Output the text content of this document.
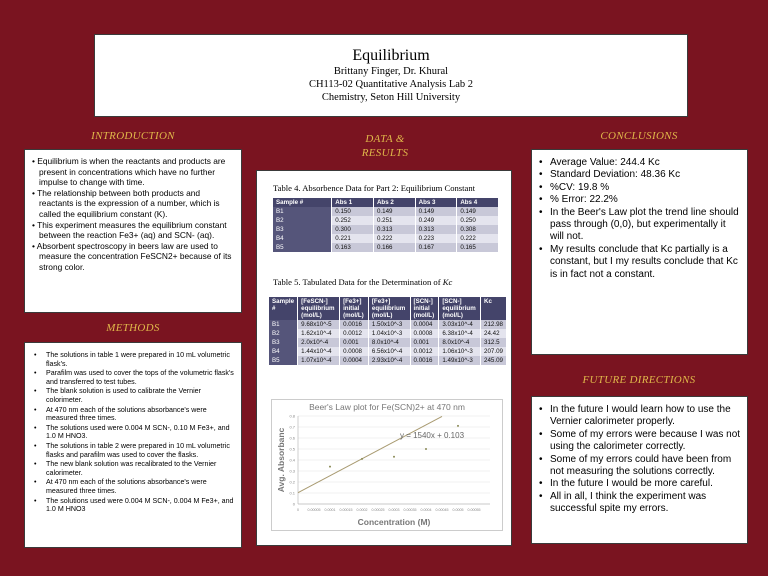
Equilibrium
Brittany Finger, Dr. Khural
CH113-02 Quantitative Analysis Lab 2
Chemistry, Seton Hill University
INTRODUCTION
METHODS
DATA &
RESULTS
CONCLUSIONS
FUTURE DIRECTIONS
• Equilibrium is when the reactants and products are present in concentrations which have no further impulse to change with time.
• The relationship between both products and reactants is the expression of a number, which is called the equilibrium constant (K).
• This experiment measures the equilibrium constant between the reaction Fe3+ (aq) and SCN- (aq).
• Absorbent spectroscopy in beers law are used to measure the concentration FeSCN2+ because of its strong color.
• The solutions in table 1 were prepared in 10 mL volumetric flask's.
• Parafilm was used to cover the tops of the volumetric flask's and transferred to test tubes.
• The blank solution is used to calibrate the Vernier colorimeter.
• At 470 nm each of the solutions absorbance's were measured three times.
• The solutions used were 0.004 M SCN-, 0.10 M Fe3+, and 1.0 M HNO3.
• The solutions in table 2 were prepared in 10 mL volumetric flasks and parafilm was used to cover the flasks.
• The new blank solution was recalibrated to the Vernier calorimeter.
• At 470 nm each of the solutions absorbance's were measured three times.
• The solutions used were 0.004 M SCN-, 0.004 M Fe3+, and 1.0 M HNO3
Table 4. Absorbence Data for Part 2: Equilibrium Constant
Sample #	Abs 1	Abs 2	Abs 3	Abs 4
B1	0.150	0.149	0.149	0.149
B2	0.252	0.251	0.249	0.250
B3	0.300	0.313	0.313	0.308
B4	0.221	0.222	0.223	0.222
B5	0.163	0.166	0.167	0.165
Table 5. Tabulated Data for the Determination of Kc
Sample #	[FeSCN-] equilibrium (mol/L)	[Fe3+] initial (mol/L)	[Fe3+] equilibrium (mol/L)	[SCN-] initial (mol/L)	[SCN-] equilibrium (mol/L)	Kc
B1	9.68x10^-5	0.0016	1.50x10^-3	0.0004	3.03x10^-4	212.98
B2	1.62x10^-4	0.0012	1.04x10^-3	0.0008	6.38x10^-4	24.42
B3	2.0x10^-4	0.001	8.0x10^-4	0.001	8.0x10^-4	312.5
B4	1.44x10^-4	0.0008	6.56x10^-4	0.0012	1.06x10^-3	207.09
B5	1.07x10^-4	0.0004	2.93x10^-4	0.0016	1.49x10^-3	245.09
Beer's Law plot for Fe(SCN)2+ at 470 nm
0
0.1
0.2
0.3
0.4
0.5
0.6
0.7
0.8
0 0.00005 0.0001 0.00015 0.0002 0.00025 0.0003 0.00035 0.0004 0.00045 0.0005 0.00055
y = 1540x + 0.103
Concentration (M)
Avg. Absorbanc
• Average Value: 244.4 Kc
• Standard Deviation: 48.36 Kc
• %CV: 19.8 %
• % Error: 22.2%
• In the Beer's Law plot the trend line should pass through (0,0), but experimentally it will not.
• My results conclude that Kc partially is a constant, but I my results conclude that Kc is in fact not a constant.
• In the future I would learn how to use the Vernier calorimeter properly.
• Some of my errors were because I was not using the calorimeter correctly.
• Some of my errors could have been from not measuring the solutions correctly.
• In the future I would be more careful.
• All in all, I think the experiment was successful spite my errors.
